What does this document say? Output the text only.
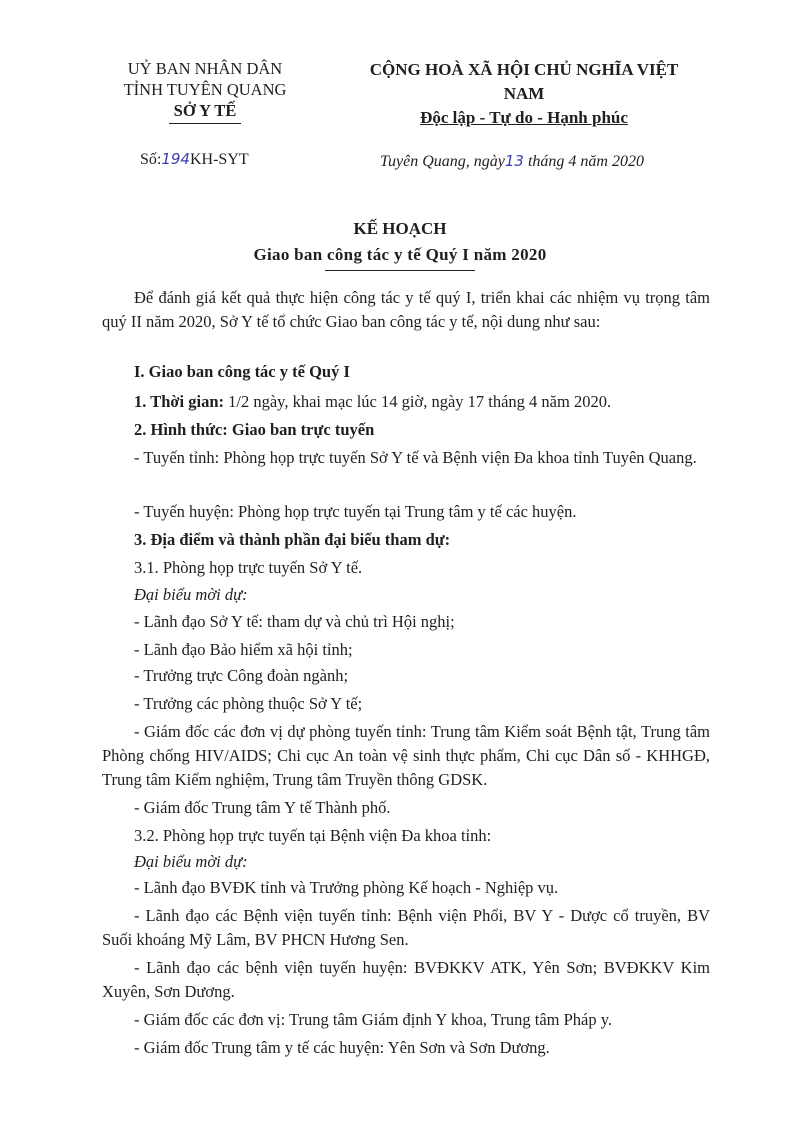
UỶ BAN NHÂN DÂN
TỈNH TUYÊN QUANG
SỞ Y TẾ
CỘNG HOÀ XÃ HỘI CHỦ NGHĨA VIỆT NAM
Độc lập - Tự do - Hạnh phúc
Số:194KH-SYT	Tuyên Quang, ngày13 tháng 4 năm 2020
KẾ HOẠCH
Giao ban công tác y tế Quý I năm 2020

Để đánh giá kết quả thực hiện công tác y tế quý I, triển khai các nhiệm vụ trọng tâm quý II năm 2020, Sở Y tế tổ chức Giao ban công tác y tế, nội dung như sau:

I. Giao ban công tác y tế Quý I

1. Thời gian: 1/2 ngày, khai mạc lúc 14 giờ, ngày 17 tháng 4 năm 2020.

2. Hình thức: Giao ban trực tuyến

- Tuyến tỉnh: Phòng họp trực tuyến Sở Y tế và Bệnh viện Đa khoa tỉnh Tuyên Quang.

- Tuyến huyện: Phòng họp trực tuyến tại Trung tâm y tế các huyện.

3. Địa điểm và thành phần đại biểu tham dự:

3.1. Phòng họp trực tuyến Sở Y tế.

Đại biểu mời dự:

- Lãnh đạo Sở Y tế: tham dự và chủ trì Hội nghị;

- Lãnh đạo Bảo hiểm xã hội tỉnh;

- Trưởng trực Công đoàn ngành;

- Trưởng các phòng thuộc Sở Y tế;

- Giám đốc các đơn vị dự phòng tuyến tỉnh: Trung tâm Kiểm soát Bệnh tật, Trung tâm Phòng chống HIV/AIDS; Chi cục An toàn vệ sinh thực phẩm, Chi cục Dân số - KHHGĐ, Trung tâm Kiểm nghiệm, Trung tâm Truyền thông GDSK.

- Giám đốc Trung tâm Y tế Thành phố.

3.2. Phòng họp trực tuyến tại Bệnh viện Đa khoa tỉnh:

Đại biểu mời dự:

- Lãnh đạo BVĐK tỉnh và Trưởng phòng Kế hoạch - Nghiệp vụ.

- Lãnh đạo các Bệnh viện tuyến tỉnh: Bệnh viện Phổi, BV Y - Dược cổ truyền, BV Suối khoáng Mỹ Lâm, BV PHCN Hương Sen.

- Lãnh đạo các bệnh viện tuyến huyện: BVĐKKV ATK, Yên Sơn; BVĐKKV Kim Xuyên, Sơn Dương.

- Giám đốc các đơn vị: Trung tâm Giám định Y khoa, Trung tâm Pháp y.

- Giám đốc Trung tâm y tế các huyện: Yên Sơn và Sơn Dương.
